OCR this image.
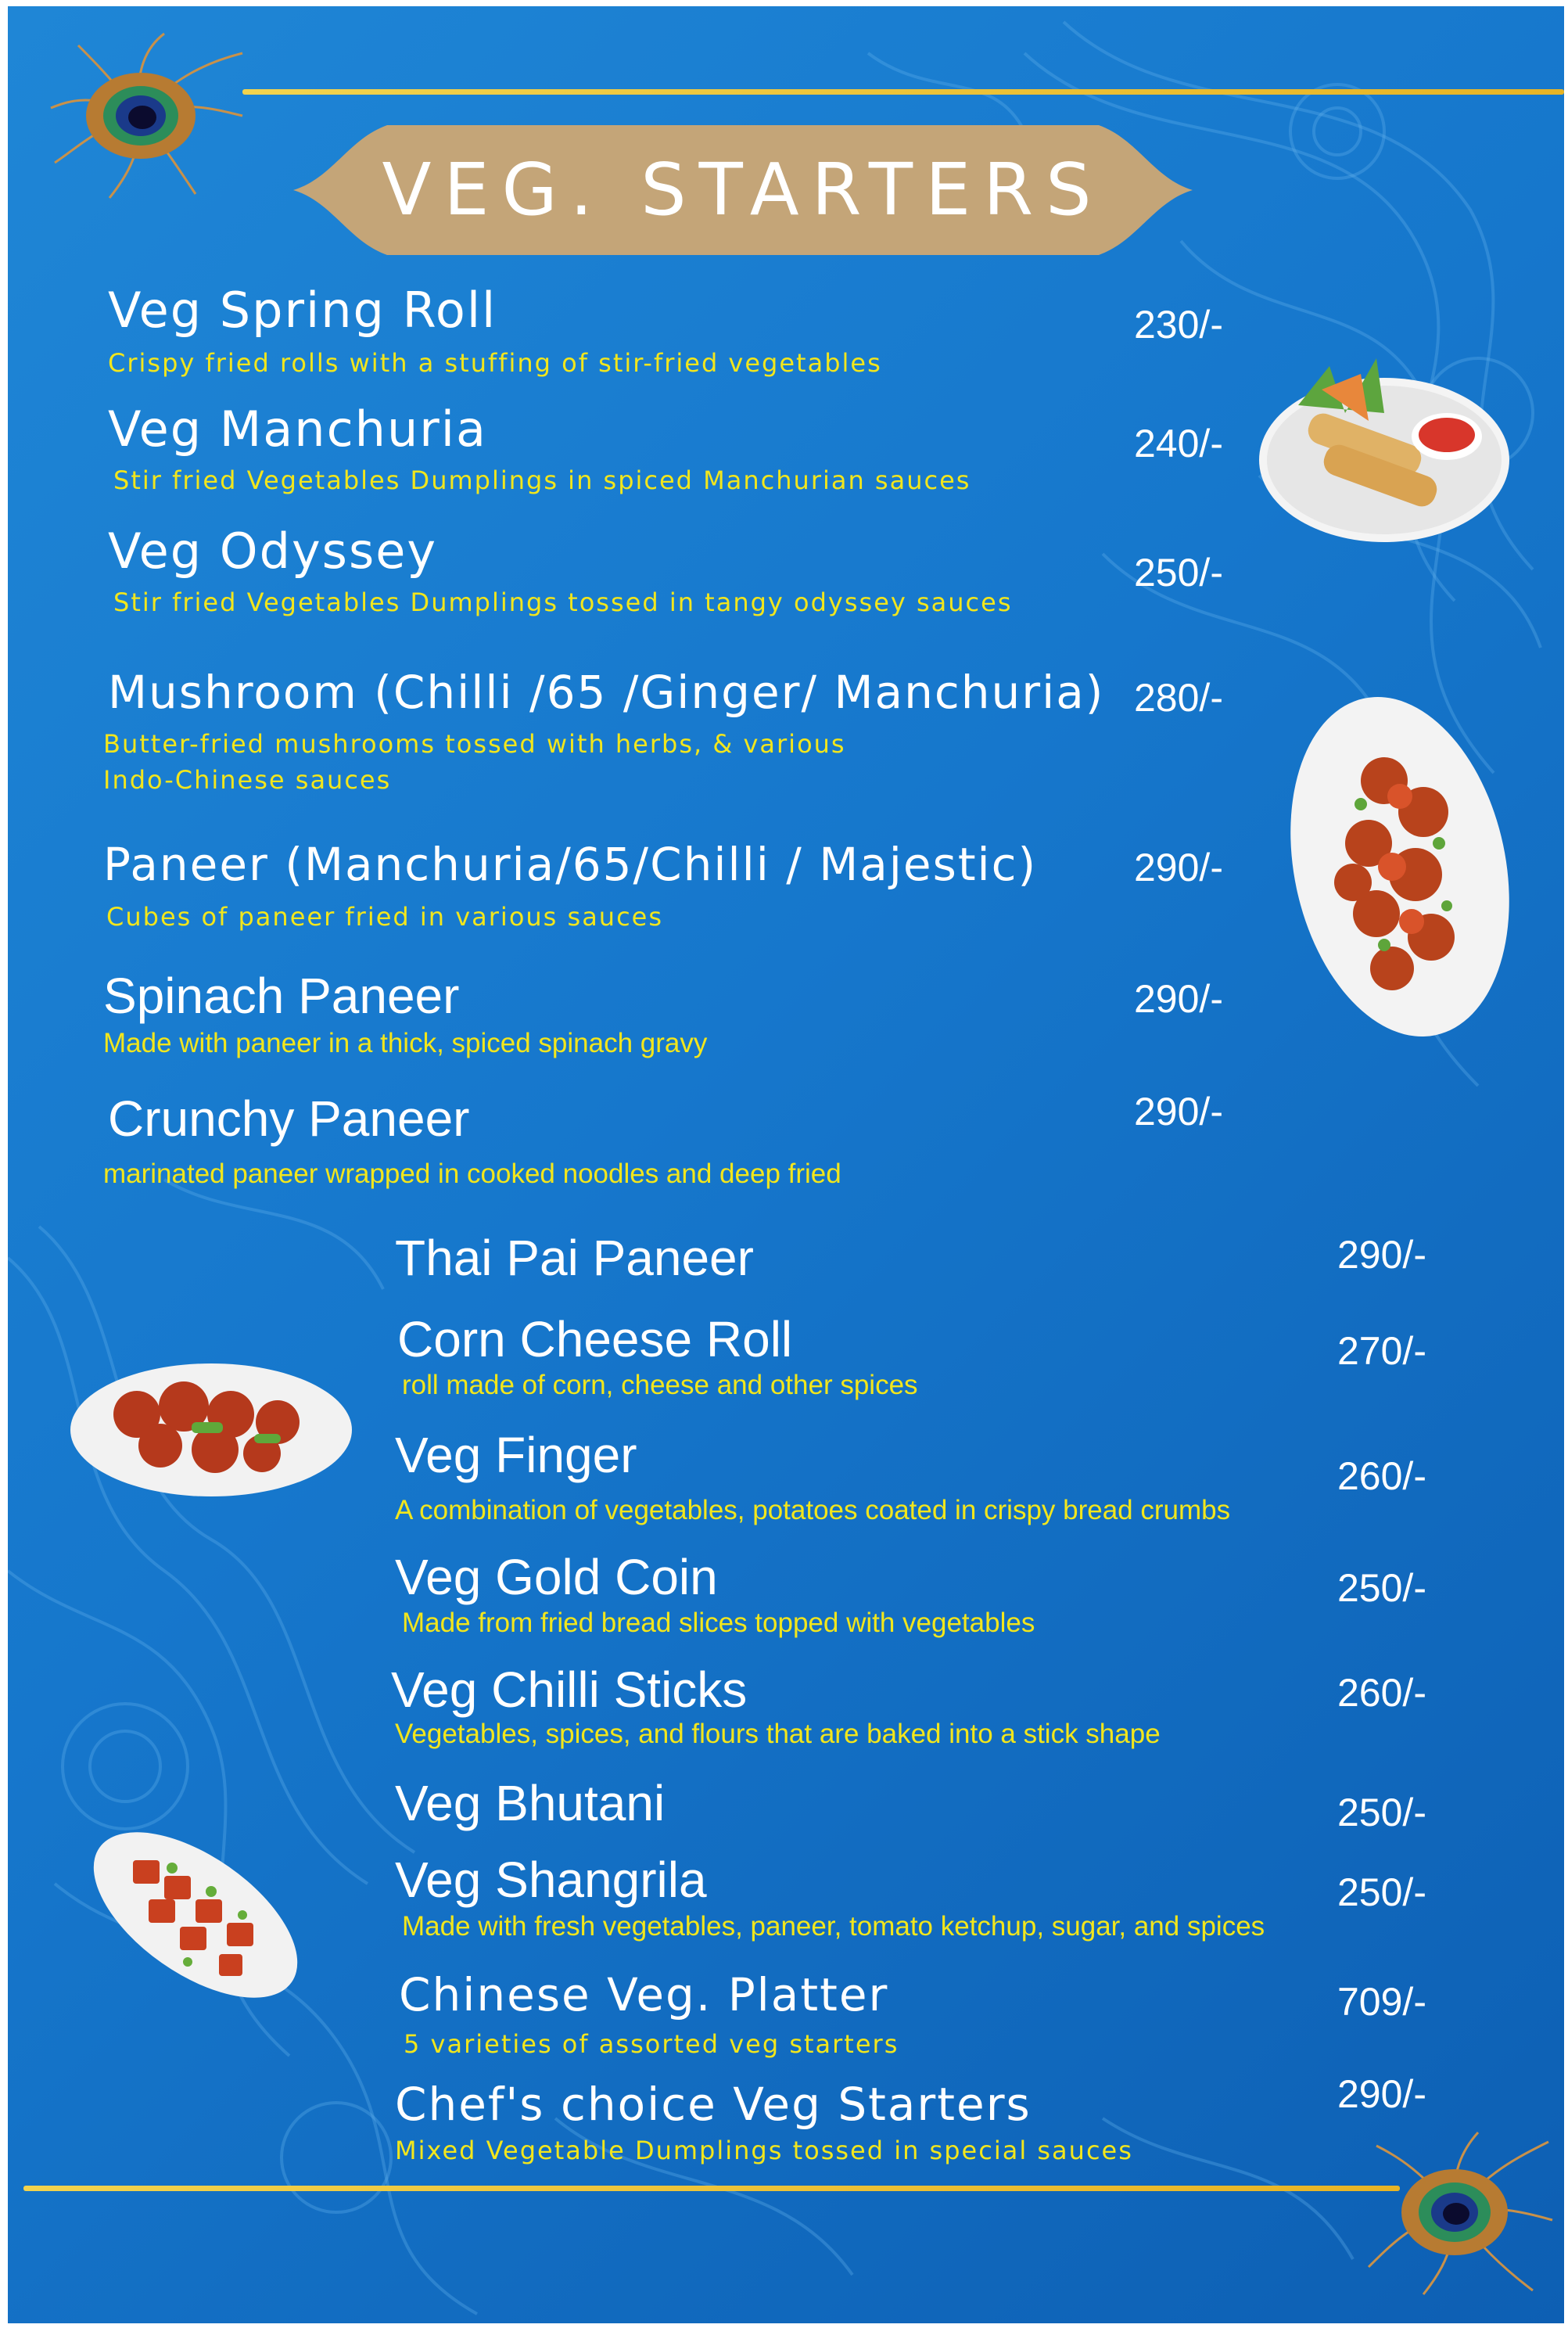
VEG. STARTERS
Veg Spring Roll
Crispy fried rolls with a stuffing of stir-fried vegetables
230/-
Veg Manchuria
Stir fried Vegetables Dumplings in spiced Manchurian sauces
240/-
Veg Odyssey
Stir fried Vegetables Dumplings tossed in tangy odyssey sauces
250/-
Mushroom (Chilli /65 /Ginger/ Manchuria)
Butter-fried mushrooms tossed with herbs, & various
Indo-Chinese sauces
280/-
Paneer (Manchuria/65/Chilli / Majestic)
Cubes of paneer fried in various sauces
290/-
Spinach Paneer
Made with paneer in a thick, spiced spinach gravy
290/-
Crunchy Paneer
marinated paneer wrapped in cooked noodles and deep fried
290/-
Thai Pai Paneer	290/-
Corn Cheese Roll
roll made of corn, cheese and other spices
270/-
Veg Finger
A combination of vegetables, potatoes coated in crispy bread crumbs
260/-
Veg Gold Coin
Made from fried bread slices topped with vegetables
250/-
Veg Chilli Sticks
Vegetables, spices, and flours that are baked into a stick shape
260/-
Veg Bhutani	250/-
Veg Shangrila
Made with fresh vegetables, paneer, tomato ketchup, sugar, and spices
250/-
Chinese Veg. Platter
5 varieties of assorted veg starters
709/-
Chef's choice Veg Starters
Mixed Vegetable Dumplings tossed in special sauces
290/-
